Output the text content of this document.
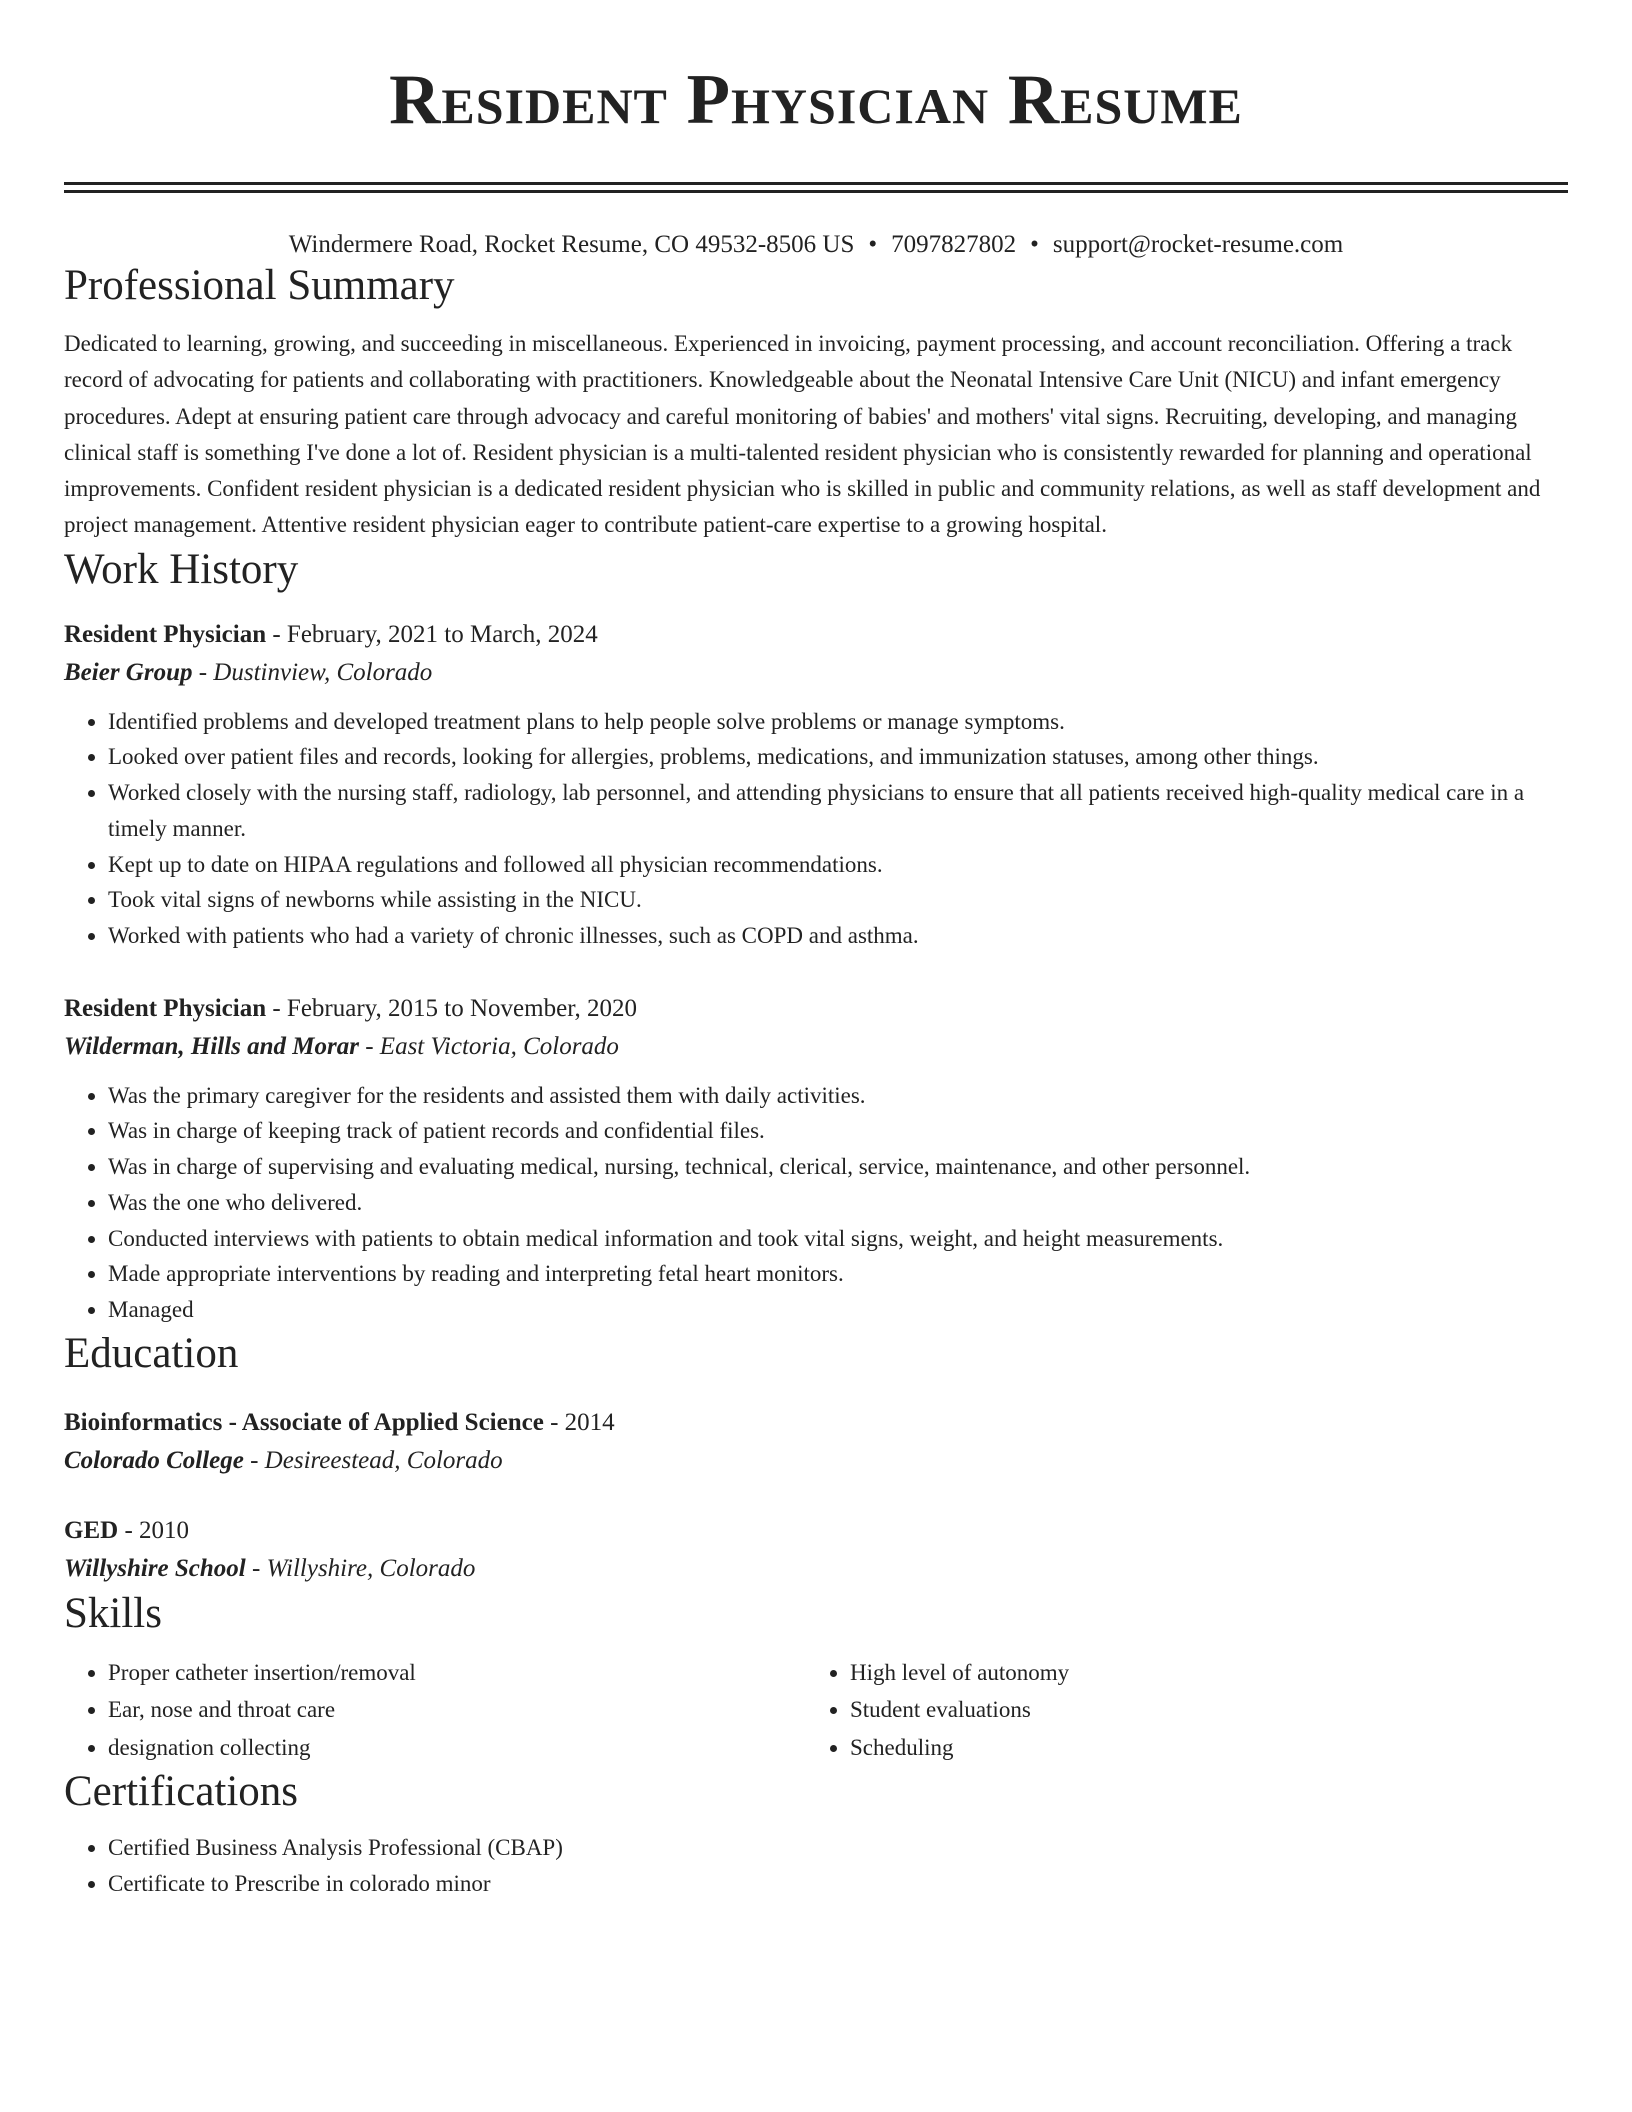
Resident Physician Resume
Windermere Road, Rocket Resume, CO 49532-8506 US • 7097827802 • support@rocket-resume.com
Professional Summary

Dedicated to learning, growing, and succeeding in miscellaneous. Experienced in invoicing, payment processing, and account reconciliation. Offering a track record of advocating for patients and collaborating with practitioners. Knowledgeable about the Neonatal Intensive Care Unit (NICU) and infant emergency procedures. Adept at ensuring patient care through advocacy and careful monitoring of babies' and mothers' vital signs. Recruiting, developing, and managing clinical staff is something I've done a lot of. Resident physician is a multi-talented resident physician who is consistently rewarded for planning and operational improvements. Confident resident physician is a dedicated resident physician who is skilled in public and community relations, as well as staff development and project management. Attentive resident physician eager to contribute patient-care expertise to a growing hospital.

Work History

Resident Physician - February, 2021 to March, 2024

Beier Group - Dustinview, Colorado

• Identified problems and developed treatment plans to help people solve problems or manage symptoms.
• Looked over patient files and records, looking for allergies, problems, medications, and immunization statuses, among other things.
• Worked closely with the nursing staff, radiology, lab personnel, and attending physicians to ensure that all patients received high-quality medical care in a timely manner.
• Kept up to date on HIPAA regulations and followed all physician recommendations.
• Took vital signs of newborns while assisting in the NICU.
• Worked with patients who had a variety of chronic illnesses, such as COPD and asthma.

Resident Physician - February, 2015 to November, 2020

Wilderman, Hills and Morar - East Victoria, Colorado

• Was the primary caregiver for the residents and assisted them with daily activities.
• Was in charge of keeping track of patient records and confidential files.
• Was in charge of supervising and evaluating medical, nursing, technical, clerical, service, maintenance, and other personnel.
• Was the one who delivered.
• Conducted interviews with patients to obtain medical information and took vital signs, weight, and height measurements.
• Made appropriate interventions by reading and interpreting fetal heart monitors.
• Managed
Education

Bioinformatics - Associate of Applied Science - 2014

Colorado College - Desireestead, Colorado

GED - 2010

Willyshire School - Willyshire, Colorado

Skills
• Proper catheter insertion/removal
• Ear, nose and throat care
• designation collecting
• High level of autonomy
• Student evaluations
• Scheduling
Certifications
• Certified Business Analysis Professional (CBAP)
• Certificate to Prescribe in colorado minor
